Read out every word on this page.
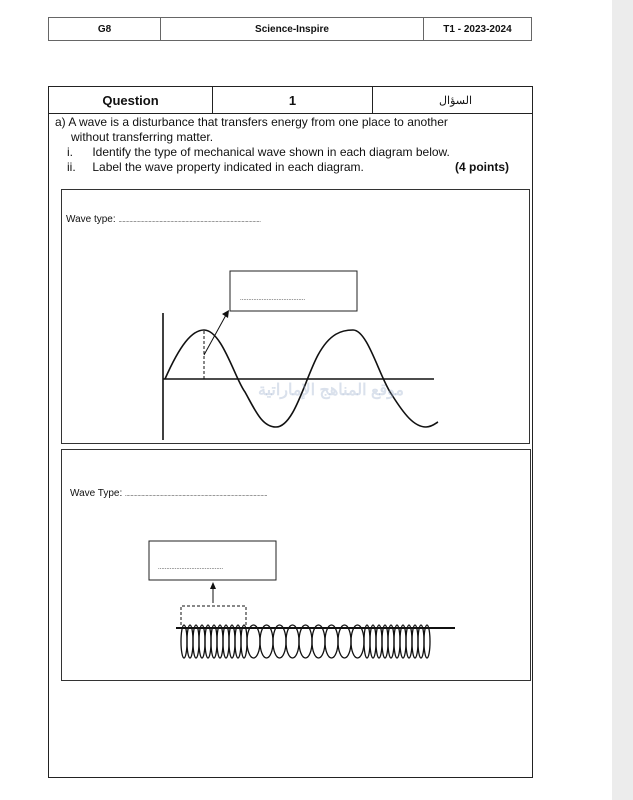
G8	Science-Inspire	T1 - 2023-2024
Question	1	السؤال
a) A wave is a disturbance that transfers energy from one place to another
without transferring matter.
i. Identify the type of mechanical wave shown in each diagram below.
ii. Label the wave property indicated in each diagram.	(4 points)
Wave type: ........................................................................................................
.......................................
موقع المناهج الإماراتية
Wave Type: ........................................................................................................
.......................................
